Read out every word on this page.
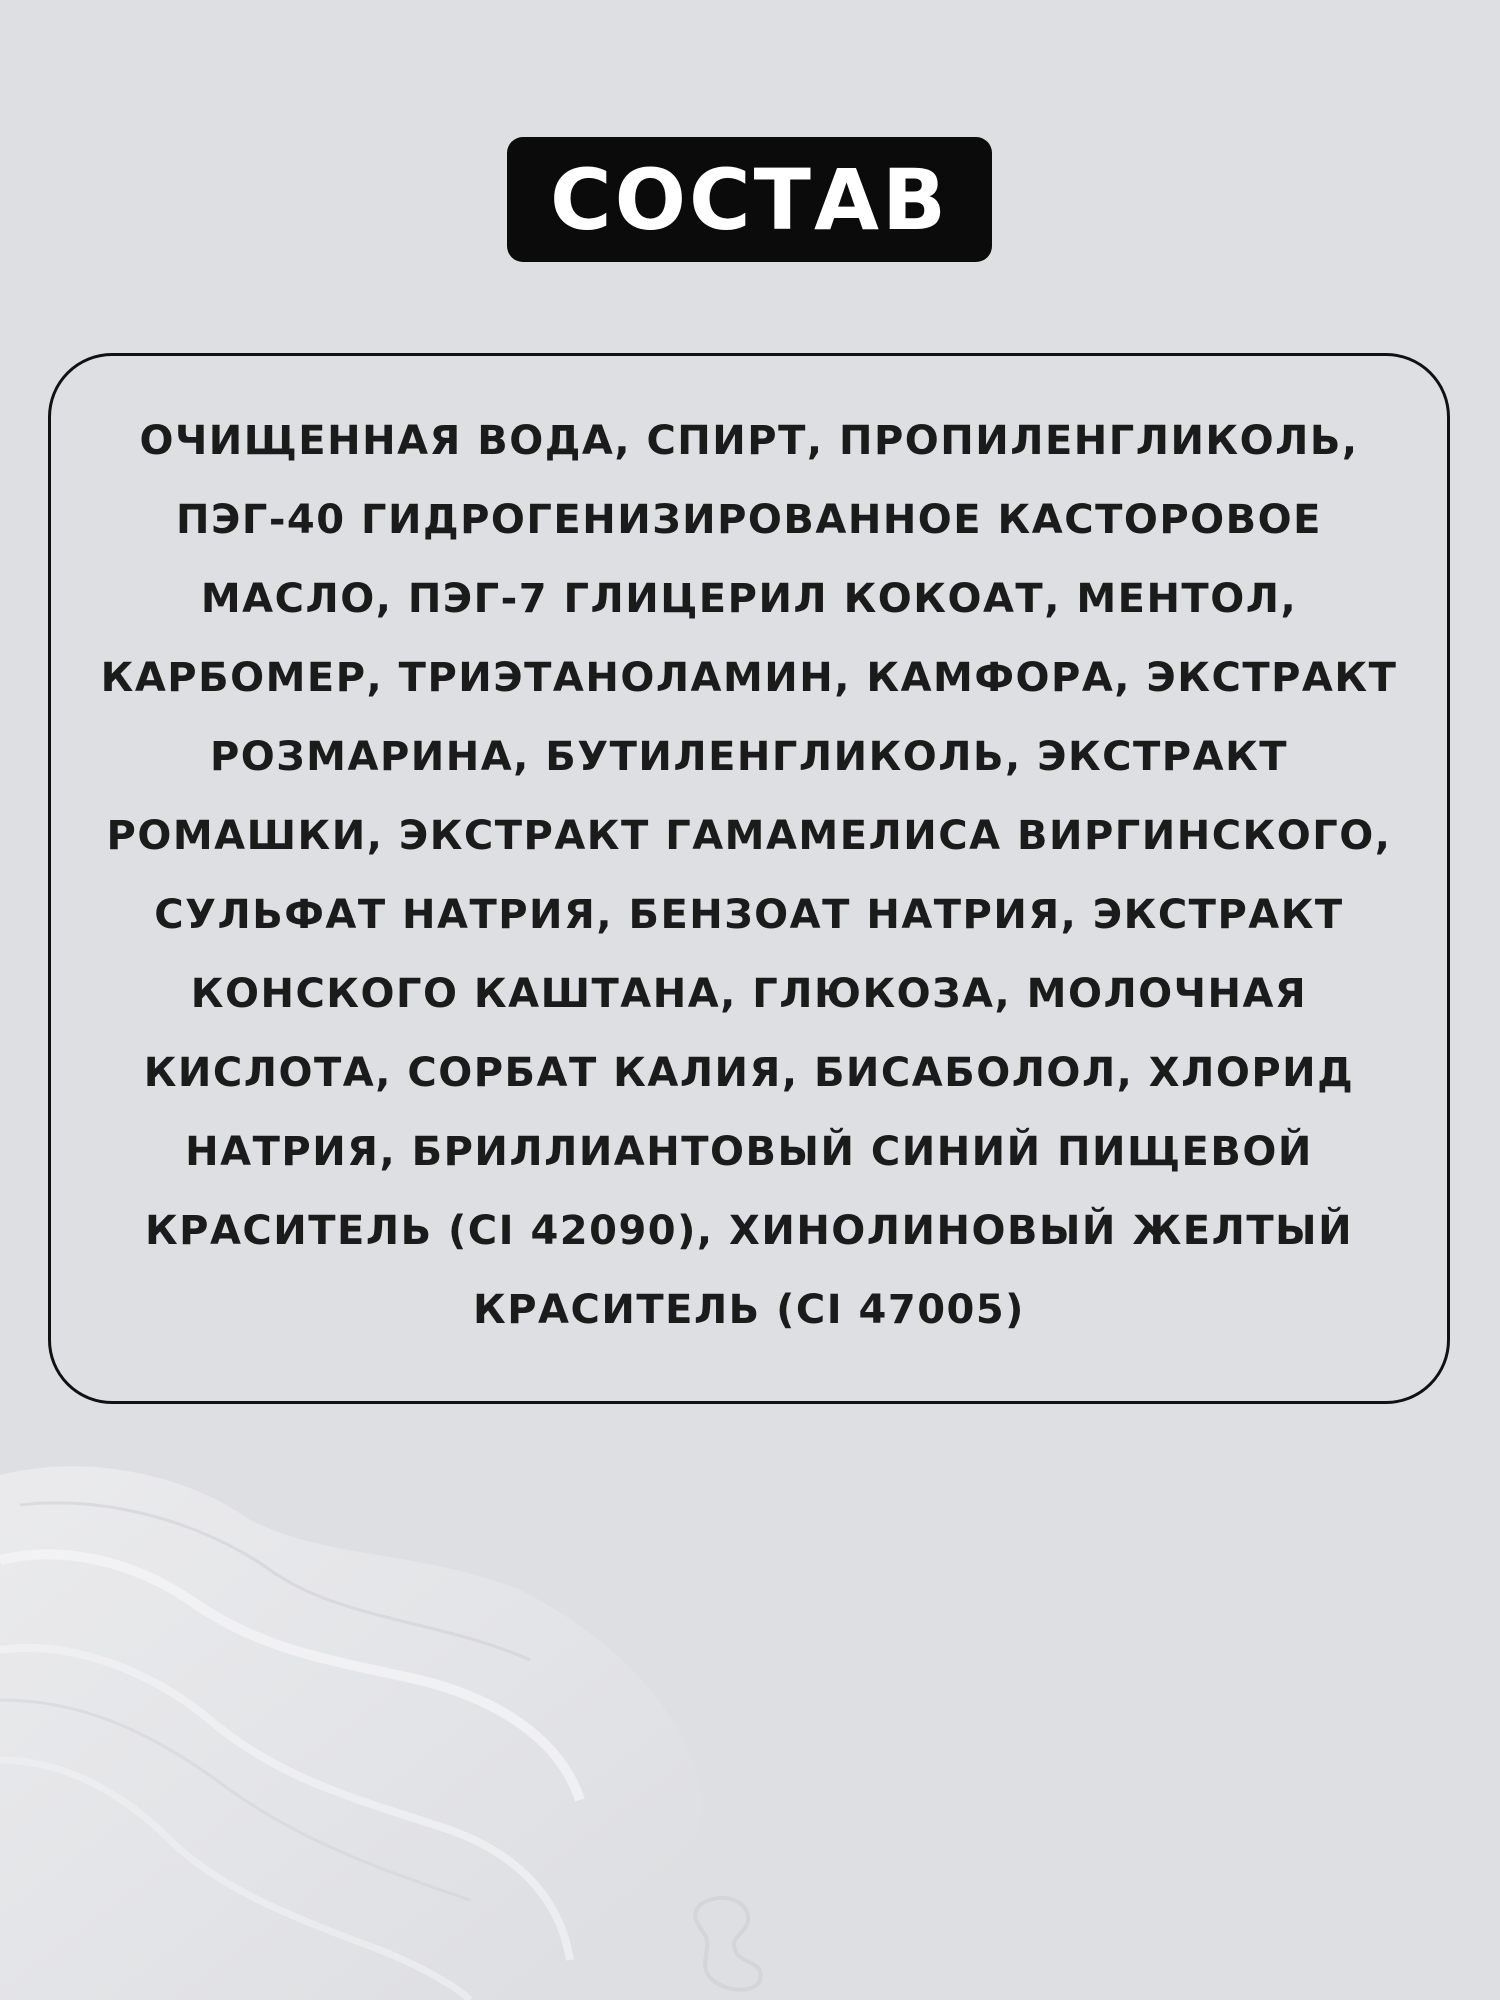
СОСТАВ

ОЧИЩЕННАЯ ВОДА, СПИРТ, ПРОПИЛЕНГЛИКОЛЬ,
ПЭГ-40 ГИДРОГЕНИЗИРОВАННОЕ КАСТОРОВОЕ
МАСЛО, ПЭГ-7 ГЛИЦЕРИЛ КОКОАТ, МЕНТОЛ,
КАРБОМЕР, ТРИЭТАНОЛАМИН, КАМФОРА, ЭКСТРАКТ
РОЗМАРИНА, БУТИЛЕНГЛИКОЛЬ, ЭКСТРАКТ
РОМАШКИ, ЭКСТРАКТ ГАМАМЕЛИСА ВИРГИНСКОГО,
СУЛЬФАТ НАТРИЯ, БЕНЗОАТ НАТРИЯ, ЭКСТРАКТ
КОНСКОГО КАШТАНА, ГЛЮКОЗА, МОЛОЧНАЯ
КИСЛОТА, СОРБАТ КАЛИЯ, БИСАБОЛОЛ, ХЛОРИД
НАТРИЯ, БРИЛЛИАНТОВЫЙ СИНИЙ ПИЩЕВОЙ
КРАСИТЕЛЬ (CI 42090), ХИНОЛИНОВЫЙ ЖЕЛТЫЙ
КРАСИТЕЛЬ (CI 47005)
